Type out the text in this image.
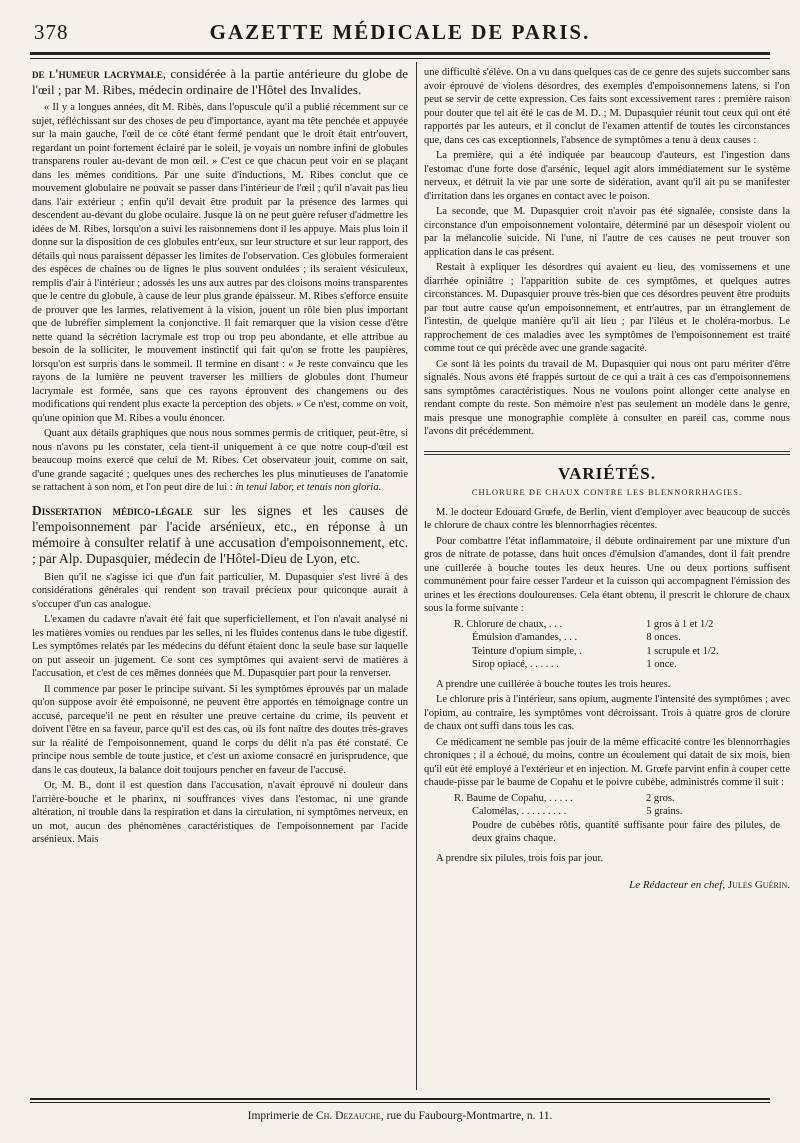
378	GAZETTE MÉDICALE DE PARIS.

de l'humeur lacrymale, considérée à la partie antérieure du globe de l'œil ; par M. Ribes, médecin ordinaire de l'Hôtel des Invalides.

« Il y a longues années, dit M. Ribès, dans l'opuscule qu'il a publié récemment sur ce sujet, réfléchissant sur des choses de peu d'importance, ayant ma tête penchée et appuyée sur la main gauche, l'œil de ce côté étant fermé pendant que le droit était entr'ouvert, regardant un point fortement éclairé par le soleil, je voyais un nombre infini de globules transparens rouler au-devant de mon œil. » C'est ce que chacun peut voir en se plaçant dans les mêmes conditions. Par une suite d'inductions, M. Ribes conclut que ce mouvement globulaire ne pouvait se passer dans l'intérieur de l'œil ; qu'il n'avait pas lieu dans l'air extérieur ; enfin qu'il devait être produit par la présence des larmes qui descendent au-devant du globe oculaire. Jusque là on ne peut guère refuser d'admettre les idées de M. Ribes, lorsqu'on a suivi les raisonnemens dont il les appuye. Mais plus loin il donne sur la disposition de ces globules entr'eux, sur leur structure et sur leur rapport, des détails qui nous paraissent dépasser les limites de l'observation. Ces globules formeraient des espèces de chaînes ou de lignes le plus souvent ondulées ; ils seraient vésiculeux, remplis d'air à l'intérieur ; adossés les uns aux autres par des cloisons moins transparentes que le centre du globule, à cause de leur plus grande épaisseur. M. Ribes s'efforce ensuite de prouver que les larmes, relativement à la vision, jouent un rôle bien plus important que de lubréfier simplement la conjonctive. Il fait remarquer que la vision cesse d'être nette quand la sécrétion lacrymale est trop ou trop peu abondante, et elle attribue au besoin de la solliciter, le mouvement instinctif qui fait qu'on se frotte les paupières, lorsqu'on est surpris dans le sommeil. Il termine en disant : « Je reste convaincu que les rayons de la lumière ne peuvent traverser les milliers de globules dont l'humeur lacrymale est formée, sans que ces rayons éprouvent des changemens ou des modifications qui rendent plus exacte la perception des objets. » Ce n'est, comme on voit, qu'une opinion que M. Ribes a voulu énoncer.

Quant aux détails graphiques que nous nous sommes permis de critiquer, peut-être, si nous n'avons pu les constater, cela tient-il uniquement à ce que notre coup-d'œil est beaucoup moins exercé que celui de M. Ribes. Cet observateur jouit, comme on sait, d'une grande sagacité ; quelques unes des recherches les plus minutieuses de l'anatomie se rattachent à son nom, et l'on peut dire de lui : in tenui labor, et tenuis non gloria.

Dissertation médico-légale sur les signes et les causes de l'empoisonnement par l'acide arsénieux, etc., en réponse à un mémoire à consulter relatif à une accusation d'empoisonnement, etc. ; par Alp. Dupasquier, médecin de l'Hôtel-Dieu de Lyon, etc.

Bien qu'il ne s'agisse ici que d'un fait particulier, M. Dupasquier s'est livré à des considérations générales qui rendent son travail précieux pour quiconque aurait à s'occuper d'un cas analogue.

L'examen du cadavre n'avait été fait que superficiellement, et l'on n'avait analysé ni les matières vomies ou rendues par les selles, ni les fluides contenus dans le tube digestif. Les symptômes relatés par les médecins du défunt étaient donc la seule base sur laquelle on put asseoir un jugement. Ce sont ces symptômes qui avaient servi de matières à l'accusation, et c'est de ces mêmes données que M. Dupasquier part pour la renverser.

Il commence par poser le principe suivant. Si les symptômes éprouvés par un malade qu'on suppose avoir été empoisonné, ne peuvent être apportés en témoignage contre un accusé, parceque'il ne peut en résulter une preuve certaine du crime, ils peuvent et doivent l'être en sa faveur, parce qu'il est des cas, où ils font naître des doutes très-graves sur la réalité de l'empoisonnement, quand le corps du délit n'a pas été constaté. Ce principe nous semble de toute justice, et c'est un axiome consacré en jurisprudence, que dans le cas douteux, la balance doit toujours pencher en faveur de l'accusé.

Or, M. B., dont il est question dans l'accusation, n'avait éprouvé ni douleur dans l'arrière-bouche et le pharinx, ni souffrances vives dans l'estomac, ni une grande altération, ni trouble dans la respiration et dans la circulation, ni symptômes nerveux, en un mot, aucun des phénomènes caractéristiques de l'empoisonnement par l'acide arsénieux. Mais

une difficulté s'élève. On a vu dans quelques cas de ce genre des sujets succomber sans avoir éprouvé de violens désordres, des exemples d'empoisonnemens latens, si l'on peut se servir de cette expression. Ces faits sont excessivement rares : première raison pour douter que tel ait été le cas de M. D. ; M. Dupasquier réunit tout ceux qui ont été rapportés par les auteurs, et il conclut de l'examen attentif de toutes les circonstances que, dans ces cas exceptionnels, l'absence de symptômes a tenu à deux causes :

La première, qui a été indiquée par beaucoup d'auteurs, est l'ingestion dans l'estomac d'une forte dose d'arsénic, lequel agit alors immédiatement sur le système nerveux, et détruit la vie par une sorte de sidération, avant qu'il ait pu se manifester d'irritation dans les organes en contact avec le poison.

La seconde, que M. Dupasquier croit n'avoir pas été signalée, consiste dans la circonstance d'un empoisonnement volontaire, déterminé par un désespoir violent ou par la mélancolie suicide. Ni l'une, ni l'autre de ces causes ne peut trouver son application dans le cas présent.

Restait à expliquer les désordres qui avaient eu lieu, des vomissemens et une diarrhée opiniâtre ; l'apparition subite de ces symptômes, et quelques autres circonstances. M. Dupasquier prouve très-bien que ces désordres peuvent être produits par tout autre cause qu'un empoisonnement, et entr'autres, par un étranglement de l'intestin, de quelque manière qu'il ait lieu ; par l'iléus et le choléra-morbus. Le rapprochement de ces maladies avec les symptômes de l'empoisonnement est traité comme tout ce qui précède avec une grande sagacité.

Ce sont là les points du travail de M. Dupasquier qui nous ont paru mériter d'être signalés. Nous avons été frappés surtout de ce qui a trait à ces cas d'empoisonnemens sans symptômes caractéristiques. Nous ne voulons point allonger cette analyse en rendant compte du reste. Son mémoire n'est pas seulement un modèle dans le genre, mais presque une monographie complète à consulter en pareil cas, comme nous l'avons dit précédemment.

VARIÉTÉS.
CHLORURE DE CHAUX CONTRE LES BLENNORRHAGIES.

M. le docteur Edouard Grœfe, de Berlin, vient d'employer avec beaucoup de succès le chlorure de chaux contre les blennorrhagies récentes.

Pour combattre l'état inflammatoire, il débute ordinairement par une mixture d'un gros de nitrate de potasse, dans huit onces d'émulsion d'amandes, dont il fait prendre une cuillerée à bouche toutes les deux heures. Une ou deux portions suffisent communément pour faire cesser l'ardeur et la cuisson qui accompagnent l'émission des urines et les érections douloureuses. Cela étant obtenu, il prescrit le chlorure de chaux sous la forme suivante :

R. Chlorure de chaux, . . .	1 gros à 1 et 1/2
Émulsion d'amandes, . . .	8 onces.
Teinture d'opium simple, .	1 scrupule et 1/2.
Sirop opiacé, . . . . . .	1 once.

A prendre une cuillérée à bouche toutes les trois heures.

Le chlorure pris à l'intérieur, sans opium, augmente l'intensité des symptômes ; avec l'opium, au contraire, les symptômes vont décroissant. Trois à quatre gros de clorure de chaux ont suffi dans tous les cas.

Ce médicament ne semble pas jouir de la même efficacité contre les blennorrhagies chroniques ; il a échoué, du moins, contre un écoulement qui datait de six mois, bien qu'il eût été employé à l'extérieur et en injection. M. Grœfe parvint enfin à couper cette chaude-pisse par le baume de Copahu et le poivre cubèbe, administrés comme il suit :

R. Baume de Copahu, . . . . .	2 gros.
Calomélas, . . . . . . . . .	5 grains.
Poudre de cubèbes rôtis, quantité suffisante pour faire des pilules, de deux grains chaque.

A prendre six pilules, trois fois par jour.

Le Rédacteur en chef, Jules Guérin.
Imprimerie de Ch. Dezauche, rue du Faubourg-Montmartre, n. 11.
